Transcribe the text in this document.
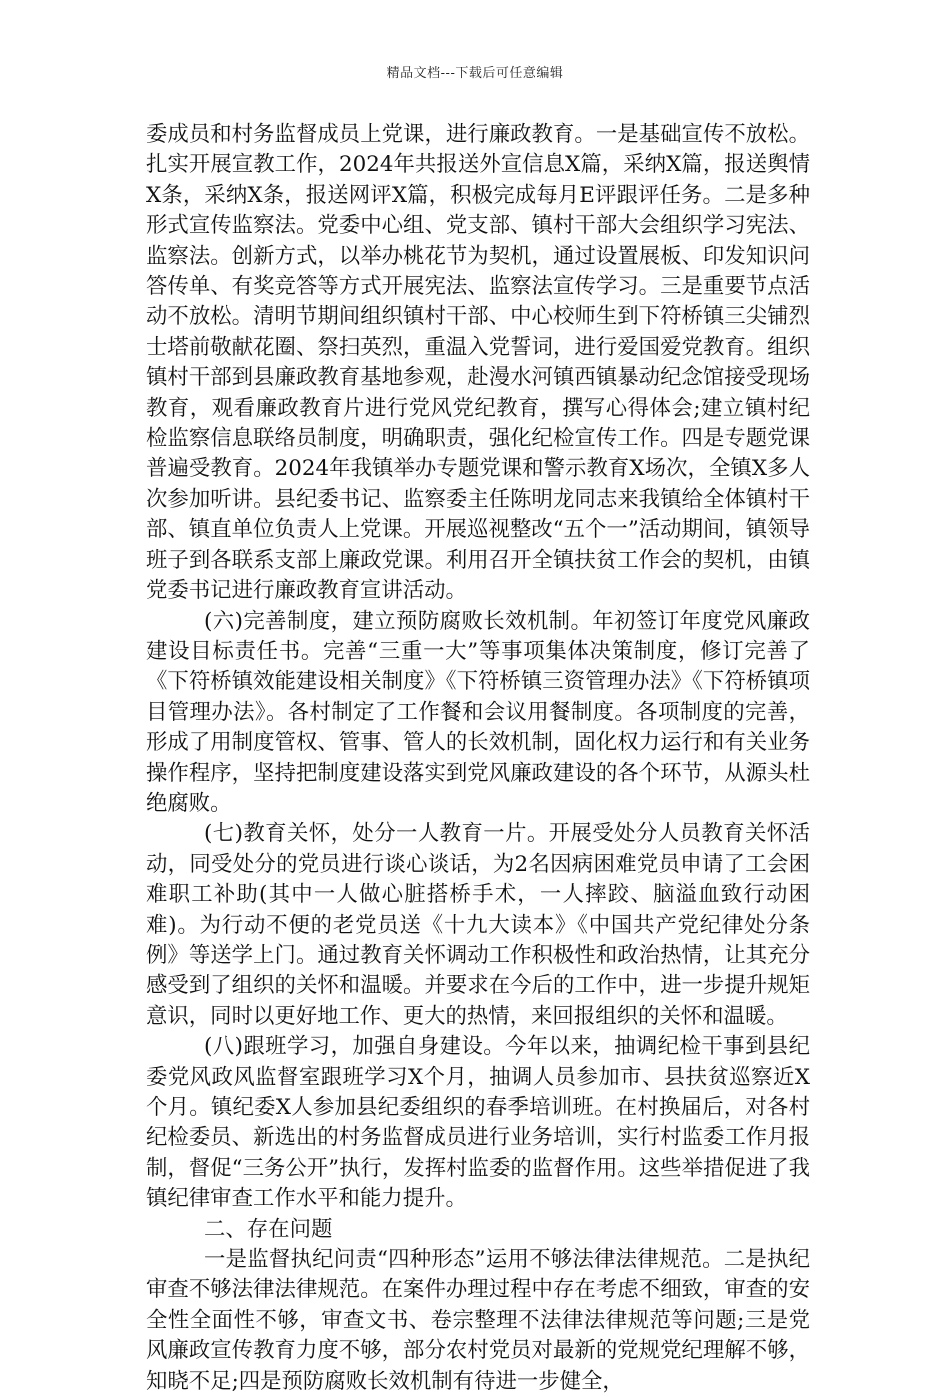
精品文档---下载后可任意编辑

委成员和村务监督成员上党课，进行廉政教育。一是基础宣传不放松。扎实开展宣教工作，2024年共报送外宣信息X篇，采纳X篇，报送舆情X条，采纳X条，报送网评X篇，积极完成每月E评跟评任务。二是多种形式宣传监察法。党委中心组、党支部、镇村干部大会组织学习宪法、监察法。创新方式，以举办桃花节为契机，通过设置展板、印发知识问答传单、有奖竞答等方式开展宪法、监察法宣传学习。三是重要节点活动不放松。清明节期间组织镇村干部、中心校师生到下符桥镇三尖铺烈士塔前敬献花圈、祭扫英烈，重温入党誓词，进行爱国爱党教育。组织镇村干部到县廉政教育基地参观，赴漫水河镇西镇暴动纪念馆接受现场教育，观看廉政教育片进行党风党纪教育，撰写心得体会;建立镇村纪检监察信息联络员制度，明确职责，强化纪检宣传工作。四是专题党课普遍受教育。2024年我镇举办专题党课和警示教育X场次，全镇X多人次参加听讲。县纪委书记、监察委主任陈明龙同志来我镇给全体镇村干部、镇直单位负责人上党课。开展巡视整改“五个一”活动期间，镇领导班子到各联系支部上廉政党课。利用召开全镇扶贫工作会的契机，由镇党委书记进行廉政教育宣讲活动。

(六)完善制度，建立预防腐败长效机制。年初签订年度党风廉政建设目标责任书。完善“三重一大”等事项集体决策制度，修订完善了《下符桥镇效能建设相关制度》《下符桥镇三资管理办法》《下符桥镇项目管理办法》。各村制定了工作餐和会议用餐制度。各项制度的完善，形成了用制度管权、管事、管人的长效机制，固化权力运行和有关业务操作程序，坚持把制度建设落实到党风廉政建设的各个环节，从源头杜绝腐败。

(七)教育关怀，处分一人教育一片。开展受处分人员教育关怀活动，同受处分的党员进行谈心谈话，为2名因病困难党员申请了工会困难职工补助(其中一人做心脏搭桥手术，一人摔跤、脑溢血致行动困难)。为行动不便的老党员送《十九大读本》《中国共产党纪律处分条例》等送学上门。通过教育关怀调动工作积极性和政治热情，让其充分感受到了组织的关怀和温暖。并要求在今后的工作中，进一步提升规矩意识，同时以更好地工作、更大的热情，来回报组织的关怀和温暖。

(八)跟班学习，加强自身建设。今年以来，抽调纪检干事到县纪委党风政风监督室跟班学习X个月，抽调人员参加市、县扶贫巡察近X个月。镇纪委X人参加县纪委组织的春季培训班。在村换届后，对各村纪检委员、新选出的村务监督成员进行业务培训，实行村监委工作月报制，督促“三务公开”执行，发挥村监委的监督作用。这些举措促进了我镇纪律审查工作水平和能力提升。

二、存在问题

一是监督执纪问责“四种形态”运用不够法律法律规范。二是执纪审查不够法律法律规范。在案件办理过程中存在考虑不细致，审查的安全性全面性不够，审查文书、卷宗整理不法律法律规范等问题;三是党风廉政宣传教育力度不够，部分农村党员对最新的党规党纪理解不够，知晓不足;四是预防腐败长效机制有待进一步健全，
